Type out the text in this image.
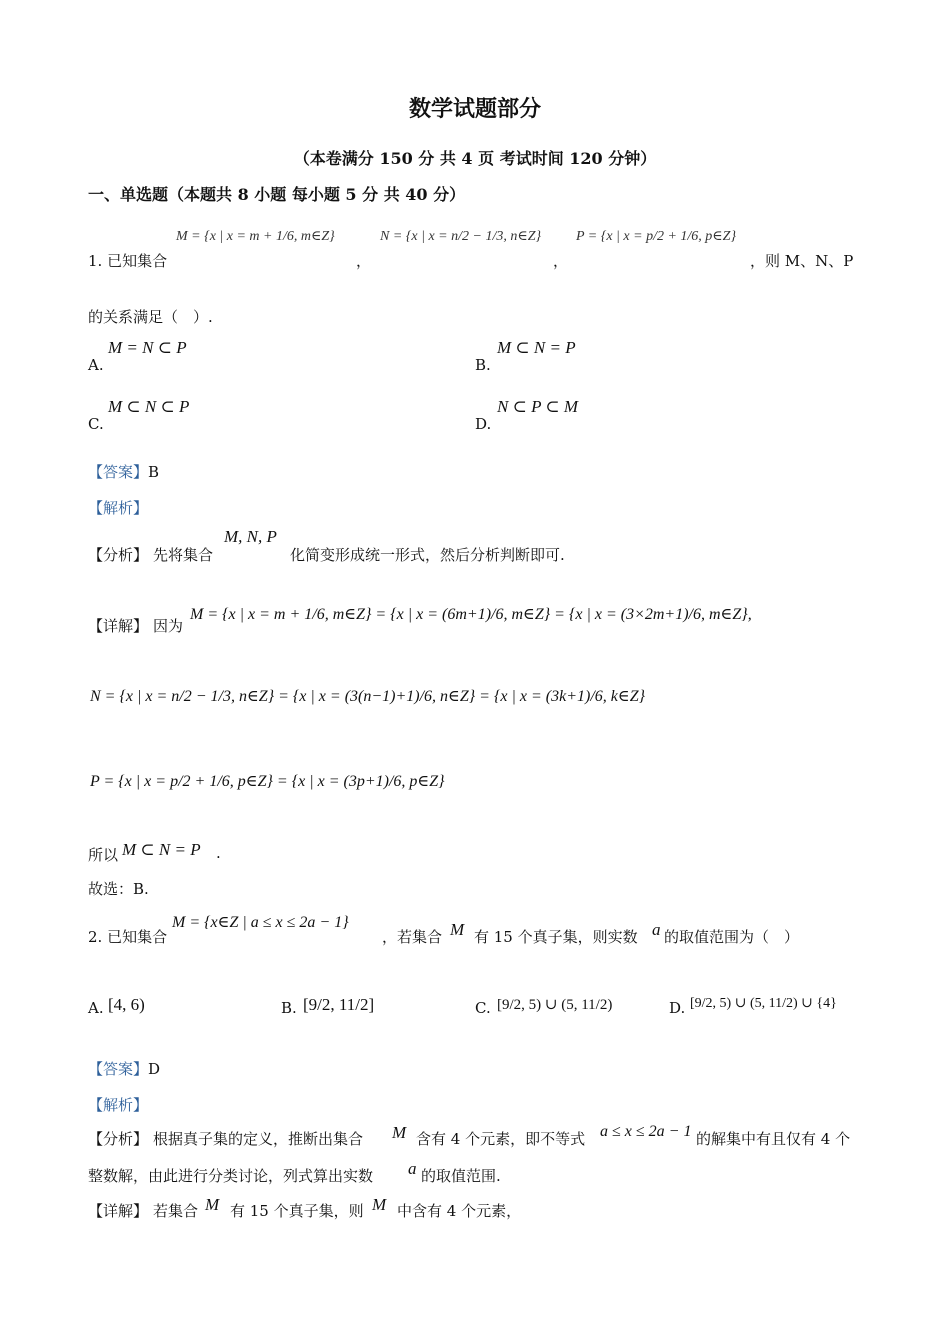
数学试题部分
（本卷满分 150 分 共 4 页 考试时间 120 分钟）
一、单选题（本题共 8 小题 每小题 5 分 共 40 分）
1. 已知集合
M = {x | x = m + 1/6, m∈Z}
，
N = {x | x = n/2 − 1/3, n∈Z}
，
P = {x | x = p/2 + 1/6, p∈Z}
，则 M、N、P
的关系满足（　）.
A.
M = N ⊂ P
B.
M ⊂ N = P
C.
M ⊂ N ⊂ P
D.
N ⊂ P ⊂ M
【答案】B
【解析】
【分析】 先将集合
M, N, P
化简变形成统一形式，然后分析判断即可.
【详解】 因为
M = {x | x = m + 1/6, m∈Z} = {x | x = (6m+1)/6, m∈Z} = {x | x = (3×2m+1)/6, m∈Z},
N = {x | x = n/2 − 1/3, n∈Z} = {x | x = (3(n−1)+1)/6, n∈Z} = {x | x = (3k+1)/6, k∈Z}
P = {x | x = p/2 + 1/6, p∈Z} = {x | x = (3p+1)/6, p∈Z}
所以 M ⊂ N = P .
故选：B.
2. 已知集合
M = {x∈Z | a ≤ x ≤ 2a − 1}
，若集合 M 有 15 个真子集，则实数 a 的取值范围为（　）
A. [4, 6)	B. [9/2, 11/2]	C. [9/2, 5) ∪ (5, 11/2)	D. [9/2, 5) ∪ (5, 11/2) ∪ {4}
【答案】D
【解析】
【分析】 根据真子集的定义，推断出集合 M 含有 4 个元素，即不等式 a ≤ x ≤ 2a − 1 的解集中有且仅有 4 个
整数解，由此进行分类讨论，列式算出实数 a 的取值范围.
【详解】 若集合 M 有 15 个真子集，则 M 中含有 4 个元素，
